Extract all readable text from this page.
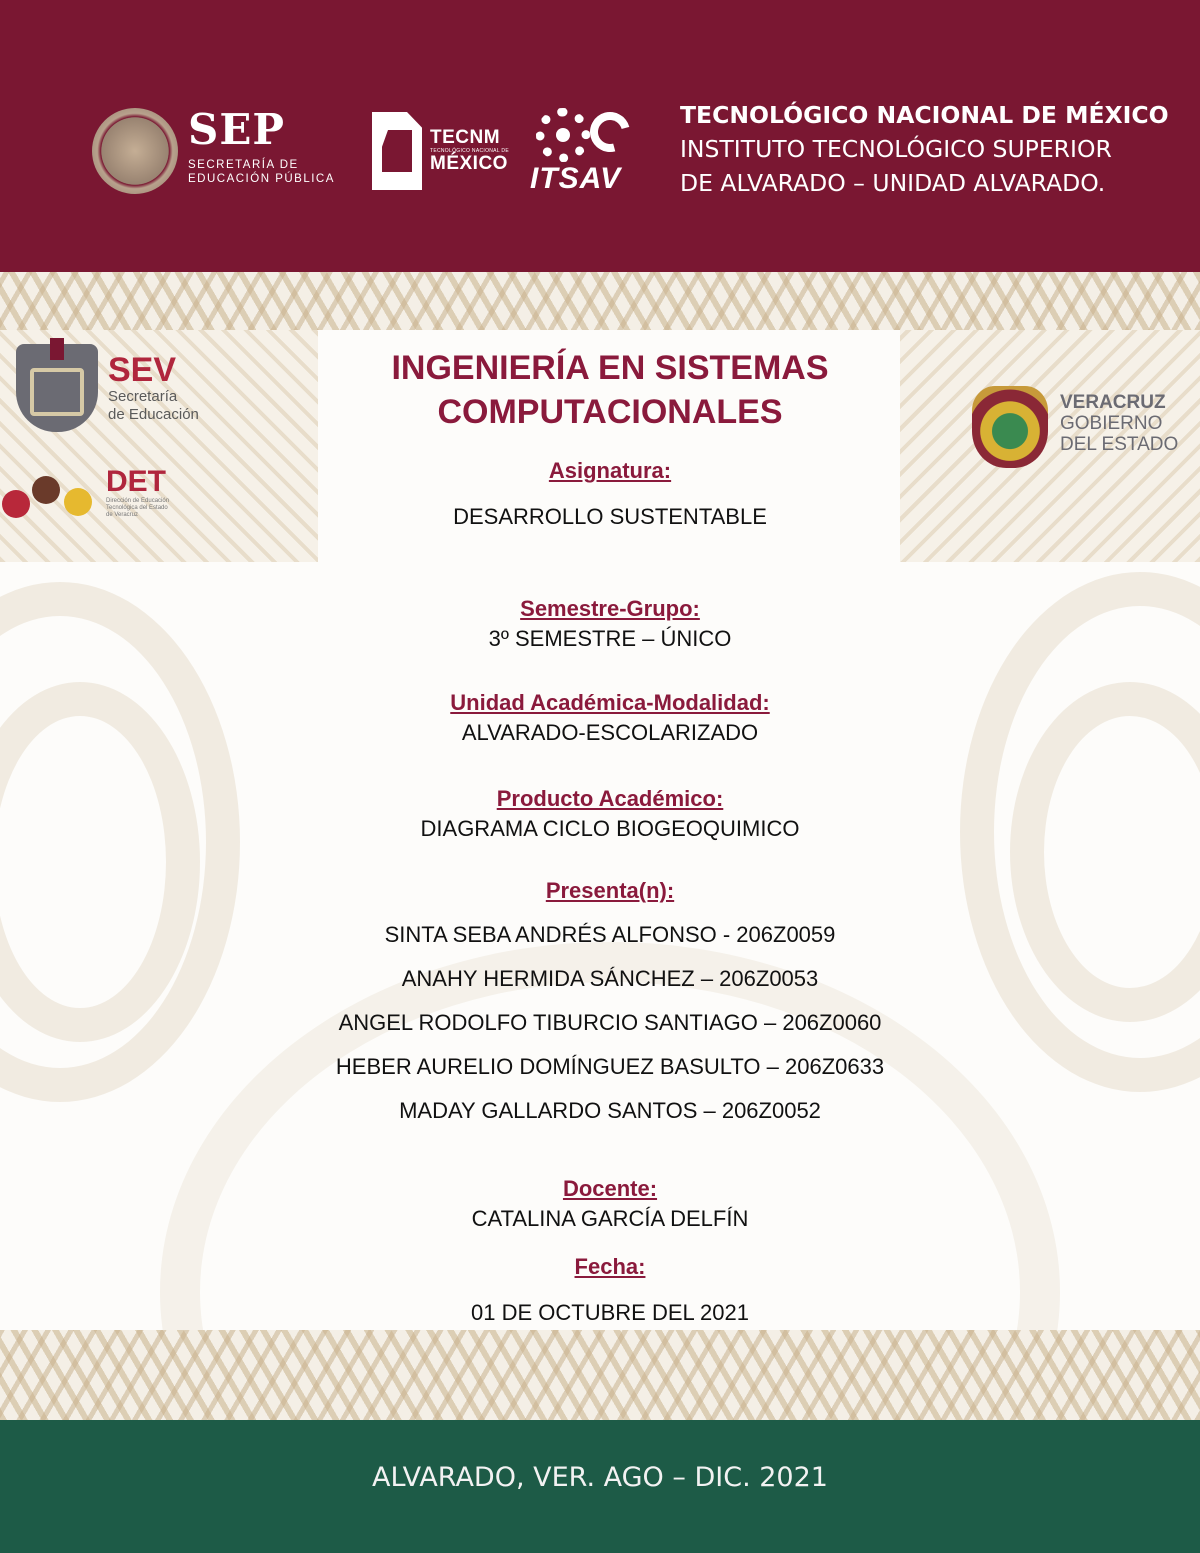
SEP
SECRETARÍA DE
EDUCACIÓN PÚBLICA
TECNM
TECNOLÓGICO NACIONAL DE
MÉXICO ITSAV
TECNOLÓGICO NACIONAL DE MÉXICO
INSTITUTO TECNOLÓGICO SUPERIOR
DE ALVARADO – UNIDAD ALVARADO.
SEV
Secretaría
de Educación
DET
Dirección de Educación
Tecnológica del Estado
de Veracruz
VERACRUZ
GOBIERNO
DEL ESTADO
INGENIERÍA EN SISTEMAS
COMPUTACIONALES
Asignatura:
DESARROLLO SUSTENTABLE
Semestre-Grupo:
3º SEMESTRE – ÚNICO
Unidad Académica-Modalidad:
ALVARADO-ESCOLARIZADO
Producto Académico:
DIAGRAMA CICLO BIOGEOQUIMICO
Presenta(n):
SINTA SEBA ANDRÉS ALFONSO - 206Z0059
ANAHY HERMIDA SÁNCHEZ – 206Z0053
ANGEL RODOLFO TIBURCIO SANTIAGO – 206Z0060
HEBER AURELIO DOMÍNGUEZ BASULTO – 206Z0633
MADAY GALLARDO SANTOS – 206Z0052
Docente:
CATALINA GARCÍA DELFÍN
Fecha:
01 DE OCTUBRE DEL 2021
ALVARADO, VER. AGO – DIC. 2021
